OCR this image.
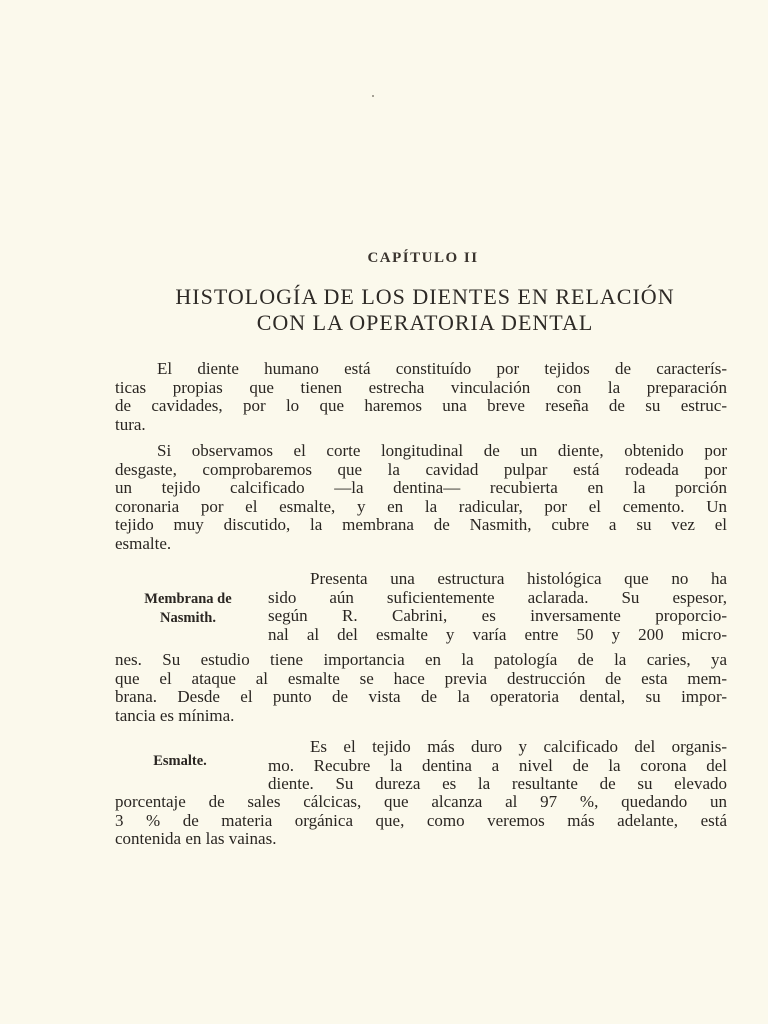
CAPÍTULO II
HISTOLOGÍA DE LOS DIENTES EN RELACIÓN
CON LA OPERATORIA DENTAL
El diente humano está constituído por tejidos de caracterís-
ticas propias que tienen estrecha vinculación con la preparación
de cavidades, por lo que haremos una breve reseña de su estruc-
tura.
Si observamos el corte longitudinal de un diente, obtenido por
desgaste, comprobaremos que la cavidad pulpar está rodeada por
un tejido calcificado —la dentina— recubierta en la porción
coronaria por el esmalte, y en la radicular, por el cemento. Un
tejido muy discutido, la membrana de Nasmith, cubre a su vez el
esmalte.
Membrana de
Nasmith.
Presenta una estructura histológica que no ha
sido aún suficientemente aclarada. Su espesor,
según R. Cabrini, es inversamente proporcio-
nal al del esmalte y varía entre 50 y 200 micro-
nes. Su estudio tiene importancia en la patología de la caries, ya
que el ataque al esmalte se hace previa destrucción de esta mem-
brana. Desde el punto de vista de la operatoria dental, su impor-
tancia es mínima.
Esmalte.
Es el tejido más duro y calcificado del organis-
mo. Recubre la dentina a nivel de la corona del
diente. Su dureza es la resultante de su elevado
porcentaje de sales cálcicas, que alcanza al 97 %, quedando un
3 % de materia orgánica que, como veremos más adelante, está
contenida en las vainas.
